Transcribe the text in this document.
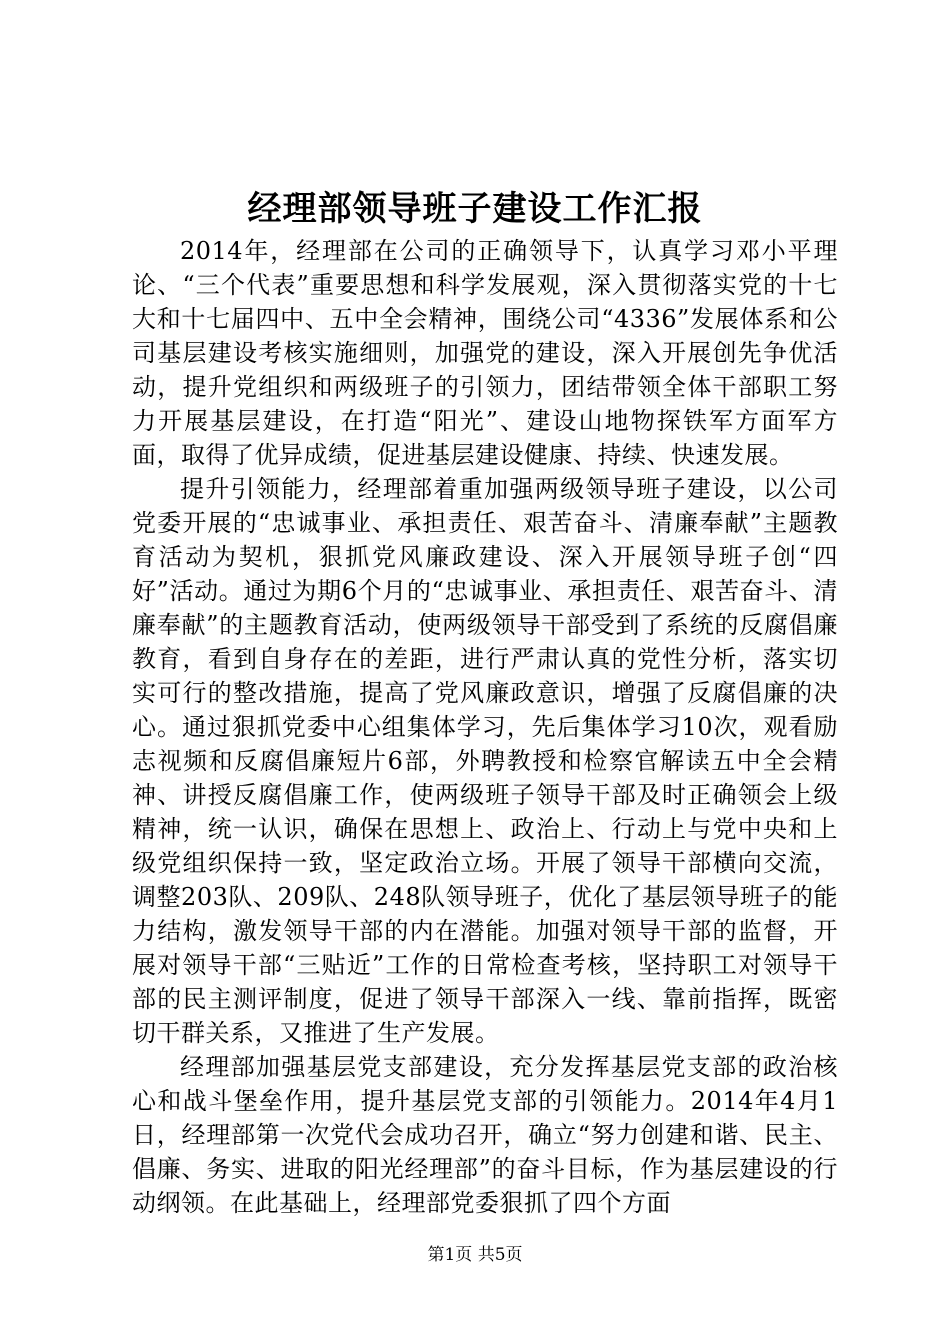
经理部领导班子建设工作汇报

2014年，经理部在公司的正确领导下，认真学习邓小平理论、“三个代表”重要思想和科学发展观，深入贯彻落实党的十七大和十七届四中、五中全会精神，围绕公司“4336”发展体系和公司基层建设考核实施细则，加强党的建设，深入开展创先争优活动，提升党组织和两级班子的引领力，团结带领全体干部职工努力开展基层建设，在打造“阳光”、建设山地物探铁军方面军方面，取得了优异成绩，促进基层建设健康、持续、快速发展。

提升引领能力，经理部着重加强两级领导班子建设，以公司党委开展的“忠诚事业、承担责任、艰苦奋斗、清廉奉献”主题教育活动为契机，狠抓党风廉政建设、深入开展领导班子创“四好”活动。通过为期6个月的“忠诚事业、承担责任、艰苦奋斗、清廉奉献”的主题教育活动，使两级领导干部受到了系统的反腐倡廉教育，看到自身存在的差距，进行严肃认真的党性分析，落实切实可行的整改措施，提高了党风廉政意识，增强了反腐倡廉的决心。通过狠抓党委中心组集体学习，先后集体学习10次，观看励志视频和反腐倡廉短片6部，外聘教授和检察官解读五中全会精神、讲授反腐倡廉工作，使两级班子领导干部及时正确领会上级精神，统一认识，确保在思想上、政治上、行动上与党中央和上级党组织保持一致，坚定政治立场。开展了领导干部横向交流，调整203队、209队、248队领导班子，优化了基层领导班子的能力结构，激发领导干部的内在潜能。加强对领导干部的监督，开展对领导干部“三贴近”工作的日常检查考核，坚持职工对领导干部的民主测评制度，促进了领导干部深入一线、靠前指挥，既密切干群关系，又推进了生产发展。

经理部加强基层党支部建设，充分发挥基层党支部的政治核心和战斗堡垒作用，提升基层党支部的引领能力。2014年4月1日，经理部第一次党代会成功召开，确立“努力创建和谐、民主、倡廉、务实、进取的阳光经理部”的奋斗目标，作为基层建设的行动纲领。在此基础上，经理部党委狠抓了四个方面

第1页 共5页
